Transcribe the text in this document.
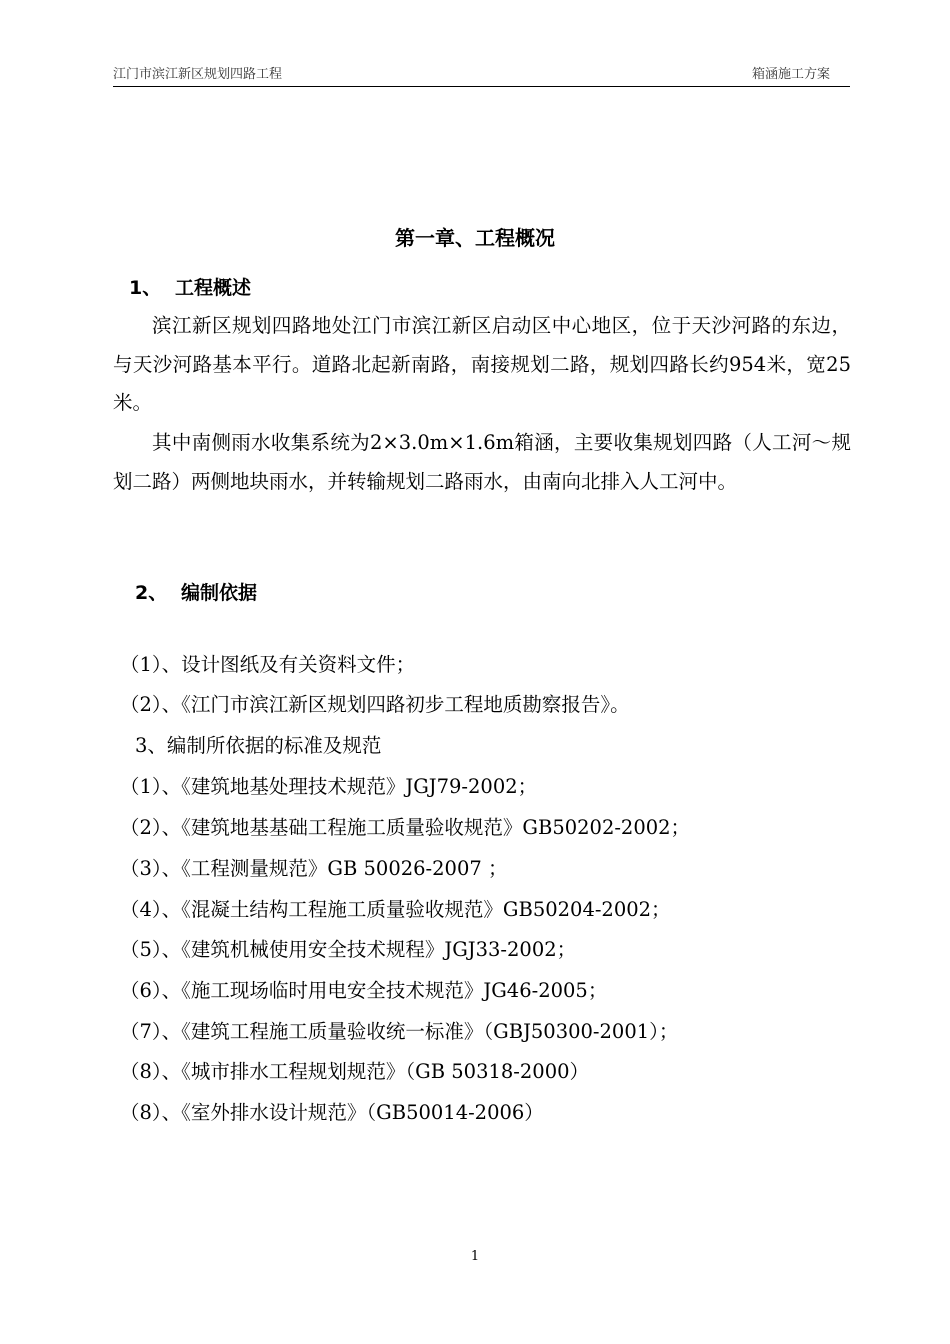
江门市滨江新区规划四路工程	箱涵施工方案
第一章、工程概况
1、 工程概述

滨江新区规划四路地处江门市滨江新区启动区中心地区，位于天沙河路的东边，与天沙河路基本平行。道路北起新南路，南接规划二路，规划四路长约954米，宽25米。

其中南侧雨水收集系统为2×3.0m×1.6m箱涵，主要收集规划四路（人工河～规划二路）两侧地块雨水，并转输规划二路雨水，由南向北排入人工河中。

2、 编制依据
（1）、设计图纸及有关资料文件；
（2）、《江门市滨江新区规划四路初步工程地质勘察报告》。
3、编制所依据的标准及规范
（1）、《建筑地基处理技术规范》JGJ79-2002；
（2）、《建筑地基基础工程施工质量验收规范》GB50202-2002；
（3）、《工程测量规范》GB 50026-2007 ；
（4）、《混凝土结构工程施工质量验收规范》GB50204-2002；
（5）、《建筑机械使用安全技术规程》JGJ33-2002；
（6）、《施工现场临时用电安全技术规范》JG46-2005；
（7）、《建筑工程施工质量验收统一标准》（GBJ50300-2001）；
（8）、《城市排水工程规划规范》（GB 50318-2000）
（8）、《室外排水设计规范》（GB50014-2006）
1
